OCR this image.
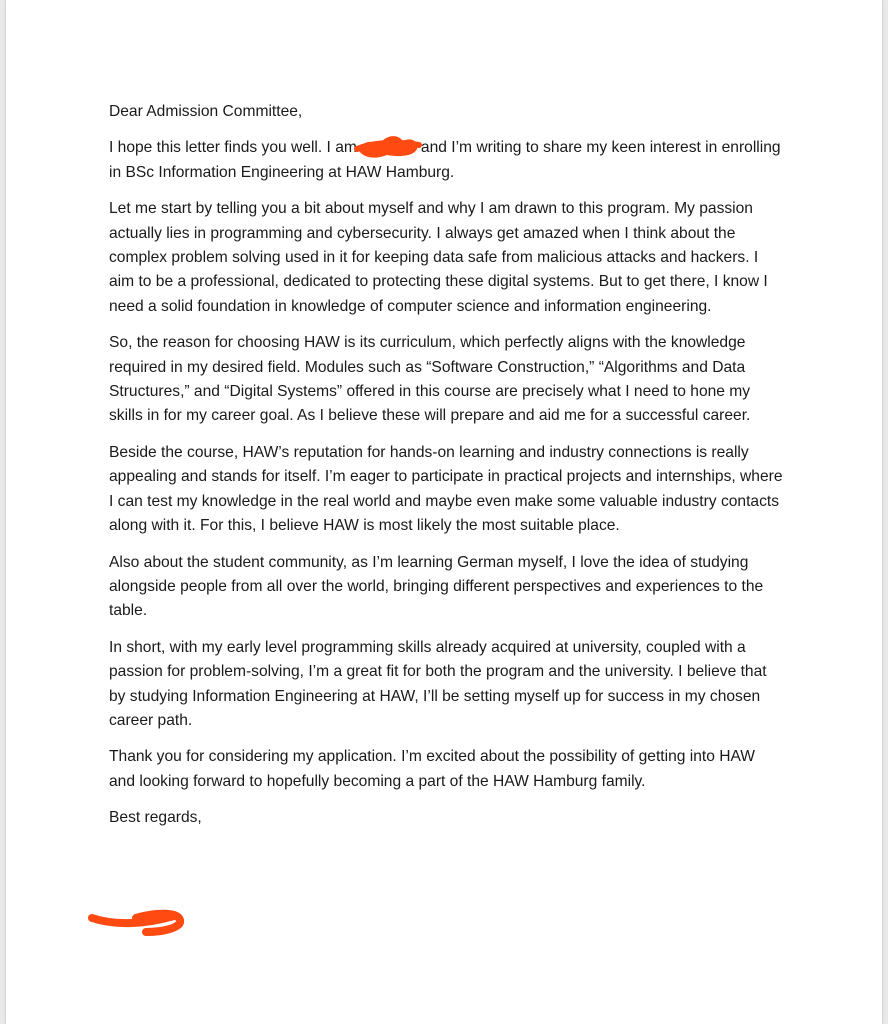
Dear Admission Committee,

I hope this letter finds you well. I am	and I’m writing to share my keen interest in enrolling in BSc Information Engineering at HAW Hamburg.

Let me start by telling you a bit about myself and why I am drawn to this program. My passion actually lies in programming and cybersecurity. I always get amazed when I think about the complex problem solving used in it for keeping data safe from malicious attacks and hackers. I aim to be a professional, dedicated to protecting these digital systems. But to get there, I know I need a solid foundation in knowledge of computer science and information engineering.

So, the reason for choosing HAW is its curriculum, which perfectly aligns with the knowledge required in my desired field. Modules such as “Software Construction,” “Algorithms and Data Structures,” and “Digital Systems” offered in this course are precisely what I need to hone my skills in for my career goal. As I believe these will prepare and aid me for a successful career.

Beside the course, HAW’s reputation for hands-on learning and industry connections is really appealing and stands for itself. I’m eager to participate in practical projects and internships, where I can test my knowledge in the real world and maybe even make some valuable industry contacts along with it. For this, I believe HAW is most likely the most suitable place.

Also about the student community, as I’m learning German myself, I love the idea of studying alongside people from all over the world, bringing different perspectives and experiences to the table.

In short, with my early level programming skills already acquired at university, coupled with a passion for problem-solving, I’m a great fit for both the program and the university. I believe that by studying Information Engineering at HAW, I’ll be setting myself up for success in my chosen career path.

Thank you for considering my application. I’m excited about the possibility of getting into HAW and looking forward to hopefully becoming a part of the HAW Hamburg family.

Best regards,
